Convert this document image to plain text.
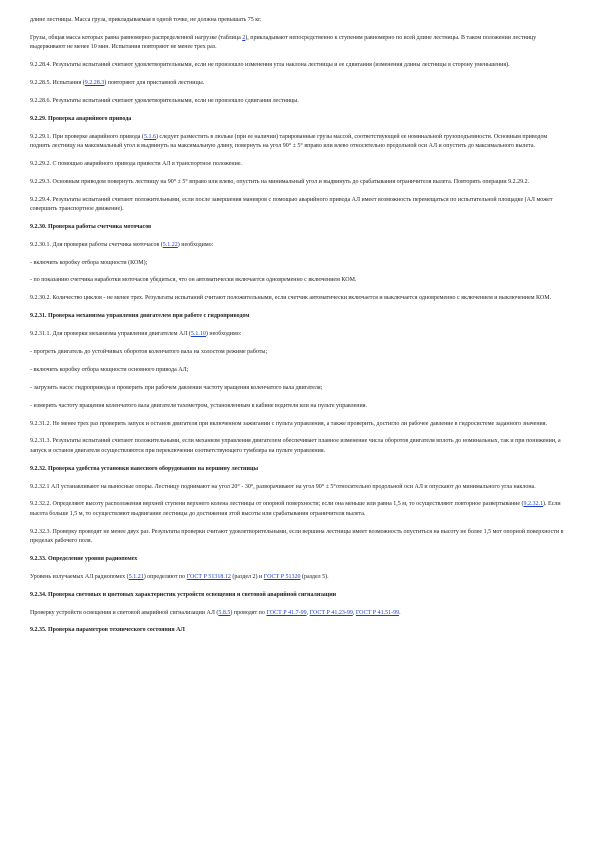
длине лестницы. Масса груза, прикладываемая в одной точке, не должна превышать 75 кг.
Грузы, общая масса которых равна равномерно распределенной нагрузке (таблица 2), прикладывают непосредственно к ступеням равномерно по всей длине лестницы. В таком положении лестницу выдерживают не менее 10 мин. Испытания повторяют не менее трех раз.
9.2.28.4. Результаты испытаний считают удовлетворительными, если не произошло изменения угла наклона лестницы и ее сдвигания (изменения длины лестницы в сторону уменьшения).
9.2.28.5. Испытания (9.2.28.3) повторяют для приставной лестницы.
9.2.28.6. Результаты испытаний считают удовлетворительными, если не произошло сдвигания лестницы.
9.2.29. Проверка аварийного привода
9.2.29.1. При проверке аварийного привода (5.1.6) следует разместить в люльке (при ее наличии) тарированные грузы массой, соответствующей ее номинальной грузоподъемности. Основным приводом поднять лестницу на максимальный угол и выдвинуть на максимальную длину, повернуть на угол 90° ± 5° вправо или влево относительно продольной оси АЛ и опустить до максимального вылета.
9.2.29.2. С помощью аварийного привода привести АЛ в транспортное положение.
9.2.29.3. Основным приводом повернуть лестницу на 90° ± 5° вправо или влево, опустить на минимальный угол и выдвинуть до срабатывания ограничителя вылета. Повторить операции 9.2.29.2.
9.2.29.4. Результаты испытаний считают положительными, если после завершения маневров с помощью аварийного привода АЛ имеет возможность перемещаться по испытательной площадке (АЛ может совершить транспортное движение).
9.2.30. Проверка работы счетчика моточасов
9.2.30.1. Для проверки работы счетчика моточасов (5.1.22) необходимо:
- включить коробку отбора мощности (КОМ);
- по показанию счетчика наработки моточасов убедиться, что он автоматически включается одновременно с включением КОМ.
9.2.30.2. Количество циклов - не менее трех. Результаты испытаний считают положительными, если счетчик автоматически включается и выключается одновременно с включением и выключением КОМ.
9.2.31. Проверка механизма управления двигателем при работе с гидроприводом
9.2.31.1. Для проверки механизма управления двигателем АЛ (5.1.10) необходимо:
- прогреть двигатель до устойчивых оборотов коленчатого вала на холостом режиме работы;
- включить коробку отбора мощности основного привода АЛ;
- загрузить насос гидропривода и проверить при рабочем давлении частоту вращения коленчатого вала двигателя;
- измерить частоту вращения коленчатого вала двигателя тахометром, установленным в кабине водителя или на пульте управления.
9.2.31.2. Не менее трех раз проверить запуск и останов двигателя при включенном зажигании с пульта управления, а также проверить, достигло ли рабочее давление в гидросистеме заданного значения.
9.2.31.3. Результаты испытаний считают положительными, если механизм управления двигателем обеспечивает плавное изменение числа оборотов двигателя вплоть до номинальных, так и при понижении, а запуск и останов двигателя осуществляются при переключении соответствующего тумблера на пульте управления.
9.2.32. Проверка удобства установки навесного оборудования на вершину лестницы
9.2.32.1 АЛ устанавливают на выносные опоры. Лестницу поднимают на угол 20° - 30°, разворачивают на угол 90° ± 5°относительно продольной оси АЛ и опускают до минимального угла наклона.
9.2.32.2. Определяют высоту расположения верхней ступени верхнего колена лестницы от опорной поверхности; если она меньше или равна 1,5 м, то осуществляют повторное развертывание (9.2.32.1). Если высота больше 1,5 м, то осуществляют выдвигание лестницы до достижения этой высоты или срабатывания ограничителя вылета.
9.2.32.3. Проверку проводят не менее двух раз. Результаты проверки считают удовлетворительными, если вершина лестницы имеет возможность опуститься на высоту не более 1,5 мот опорной поверхности в пределах рабочего поля.
9.2.33. Определение уровня радиопомех
Уровень излучаемых АЛ радиопомех (5.1.21) определяют по ГОСТ Р 51318.12 (раздел 2) и ГОСТ Р 51320 (раздел 5).
9.2.34. Проверка световых и цветовых характеристик устройств освещения и световой аварийной сигнализации
Проверку устройств освещения и световой аварийной сигнализации АЛ (5.8.5) проводят по ГОСТ Р 41.7-99, ГОСТ Р 41.23-99, ГОСТ Р 41.51-99.
9.2.35. Проверка параметров технического состояния АЛ
